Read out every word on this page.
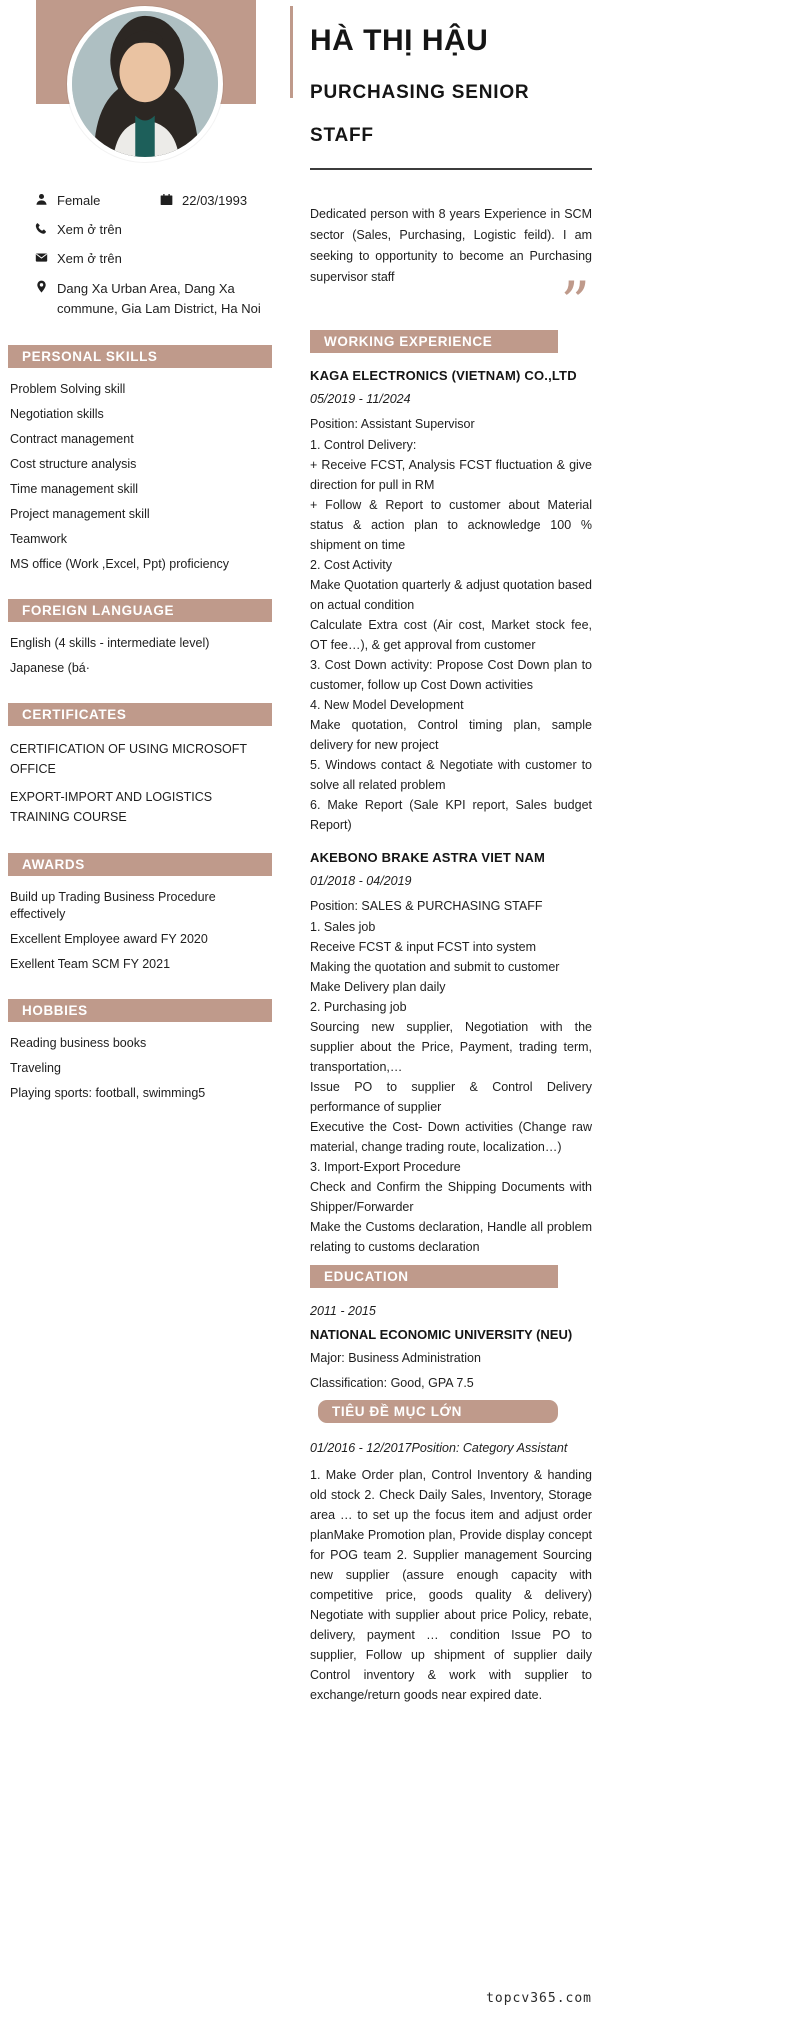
Female	22/03/1993
Xem ở trên
Xem ở trên
Dang Xa Urban Area, Dang Xa commune, Gia Lam District, Ha Noi
PERSONAL SKILLS
Problem Solving skill
Negotiation skills
Contract management
Cost structure analysis
Time management skill
Project management skill
Teamwork
MS office (Work ,Excel, Ppt) proficiency
FOREIGN LANGUAGE
English (4 skills - intermediate level)
Japanese (bá·
CERTIFICATES
CERTIFICATION OF USING MICROSOFT OFFICE
EXPORT-IMPORT AND LOGISTICS TRAINING COURSE
AWARDS
Build up Trading Business Procedure effectively
Excellent Employee award FY 2020
Exellent Team SCM FY 2021
HOBBIES
Reading business books
Traveling
Playing sports: football, swimming5
HÀ THỊ HẬU
PURCHASING SENIOR STAFF

Dedicated person with 8 years Experience in SCM sector (Sales, Purchasing, Logistic feild). I am seeking to opportunity to become an Purchasing supervisor staff	”
WORKING EXPERIENCE
KAGA ELECTRONICS (VIETNAM) CO.,LTD
05/2019 - 11/2024
Position: Assistant Supervisor
1. Control Delivery:
+ Receive FCST, Analysis FCST fluctuation & give direction for pull in RM
+ Follow & Report to customer about Material status & action plan to acknowledge 100 % shipment on time
2. Cost Activity
Make Quotation quarterly & adjust quotation based on actual condition
Calculate Extra cost (Air cost, Market stock fee, OT fee…), & get approval from customer
3. Cost Down activity: Propose Cost Down plan to customer, follow up Cost Down activities
4. New Model Development
Make quotation, Control timing plan, sample delivery for new project
5. Windows contact & Negotiate with customer to solve all related problem
6. Make Report (Sale KPI report, Sales budget Report)
AKEBONO BRAKE ASTRA VIET NAM
01/2018 - 04/2019
Position: SALES & PURCHASING STAFF
1. Sales job
Receive FCST & input FCST into system
Making the quotation and submit to customer
Make Delivery plan daily
2. Purchasing job
Sourcing new supplier, Negotiation with the supplier about the Price, Payment, trading term, transportation,…
Issue PO to supplier & Control Delivery performance of supplier
Executive the Cost- Down activities (Change raw material, change trading route, localization…)
3. Import-Export Procedure
Check and Confirm the Shipping Documents with Shipper/Forwarder
Make the Customs declaration, Handle all problem relating to customs declaration
EDUCATION
2011 - 2015
NATIONAL ECONOMIC UNIVERSITY (NEU)
Major: Business Administration
Classification: Good, GPA 7.5
TIÊU ĐỀ MỤC LỚN
01/2016 - 12/2017Position: Category Assistant
1. Make Order plan, Control Inventory & handing old stock 2. Check Daily Sales, Inventory, Storage area … to set up the focus item and adjust order planMake Promotion plan, Provide display concept for POG team 2. Supplier management Sourcing new supplier (assure enough capacity with competitive price, goods quality & delivery) Negotiate with supplier about price Policy, rebate, delivery, payment … condition Issue PO to supplier, Follow up shipment of supplier daily Control inventory & work with supplier to exchange/return goods near expired date.
topcv365.com
